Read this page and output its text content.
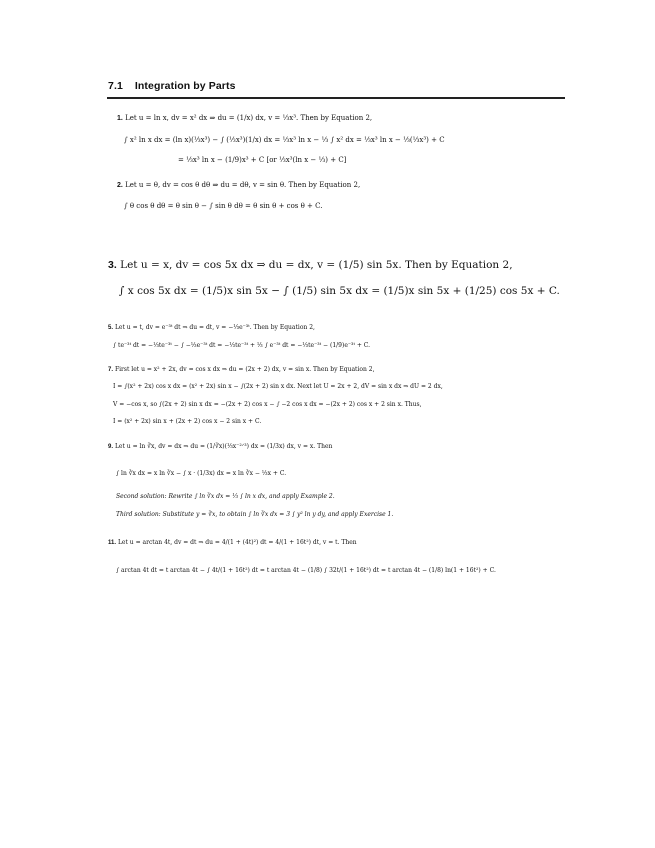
7.1 Integration by Parts
1. Let u = ln x, dv = x² dx ⇒ du = (1/x) dx, v = ⅓x³. Then by Equation 2,
∫ x² ln x dx = (ln x)(⅓x³) − ∫ (⅓x³)(1/x) dx = ⅓x³ ln x − ⅓ ∫ x² dx = ⅓x³ ln x − ⅓(⅓x³) + C
= ⅓x³ ln x − (1/9)x³ + C [or ⅓x³(ln x − ⅓) + C]
2. Let u = θ, dv = cos θ dθ ⇒ du = dθ, v = sin θ. Then by Equation 2,
∫ θ cos θ dθ = θ sin θ − ∫ sin θ dθ = θ sin θ + cos θ + C.
3. Let u = x, dv = cos 5x dx ⇒ du = dx, v = (1/5) sin 5x. Then by Equation 2,
∫ x cos 5x dx = (1/5)x sin 5x − ∫ (1/5) sin 5x dx = (1/5)x sin 5x + (1/25) cos 5x + C.
5. Let u = t, dv = e⁻³ᵗ dt ⇒ du = dt, v = −⅓e⁻³ᵗ. Then by Equation 2,
∫ te⁻³ᵗ dt = −⅓te⁻³ᵗ − ∫ −⅓e⁻³ᵗ dt = −⅓te⁻³ᵗ + ⅓ ∫ e⁻³ᵗ dt = −⅓te⁻³ᵗ − (1/9)e⁻³ᵗ + C.
7. First let u = x² + 2x, dv = cos x dx ⇒ du = (2x + 2) dx, v = sin x. Then by Equation 2,
I = ∫(x² + 2x) cos x dx = (x² + 2x) sin x − ∫(2x + 2) sin x dx. Next let U = 2x + 2, dV = sin x dx ⇒ dU = 2 dx,
V = −cos x, so ∫(2x + 2) sin x dx = −(2x + 2) cos x − ∫ −2 cos x dx = −(2x + 2) cos x + 2 sin x. Thus,
I = (x² + 2x) sin x + (2x + 2) cos x − 2 sin x + C.
9. Let u = ln ∛x, dv = dx ⇒ du = (1/∛x)(⅓x⁻²ᐟ³) dx = (1/3x) dx, v = x. Then
∫ ln ∛x dx = x ln ∛x − ∫ x · (1/3x) dx = x ln ∛x − ⅓x + C.
Second solution: Rewrite ∫ ln ∛x dx = ⅓ ∫ ln x dx, and apply Example 2.
Third solution: Substitute y = ∛x, to obtain ∫ ln ∛x dx = 3 ∫ y² ln y dy, and apply Exercise 1.
11. Let u = arctan 4t, dv = dt ⇒ du = 4/(1 + (4t)²) dt = 4/(1 + 16t²) dt, v = t. Then
∫ arctan 4t dt = t arctan 4t − ∫ 4t/(1 + 16t²) dt = t arctan 4t − (1/8) ∫ 32t/(1 + 16t²) dt = t arctan 4t − (1/8) ln(1 + 16t²) + C.
